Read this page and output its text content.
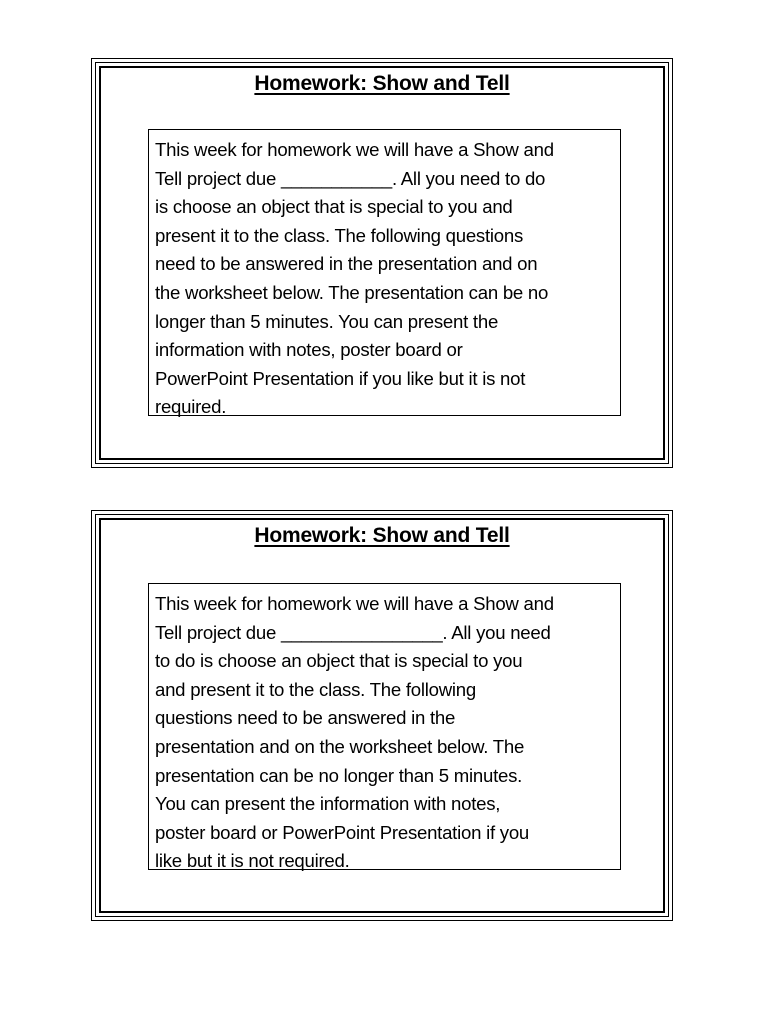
Homework: Show and Tell
This week for homework we will have a Show and
Tell project due ___________. All you need to do
is choose an object that is special to you and
present it to the class. The following questions
need to be answered in the presentation and on
the worksheet below. The presentation can be no
longer than 5 minutes. You can present the
information with notes, poster board or
PowerPoint Presentation if you like but it is not
required.
Homework: Show and Tell
This week for homework we will have a Show and
Tell project due ________________. All you need
to do is choose an object that is special to you
and present it to the class. The following
questions need to be answered in the
presentation and on the worksheet below. The
presentation can be no longer than 5 minutes.
You can present the information with notes,
poster board or PowerPoint Presentation if you
like but it is not required.
